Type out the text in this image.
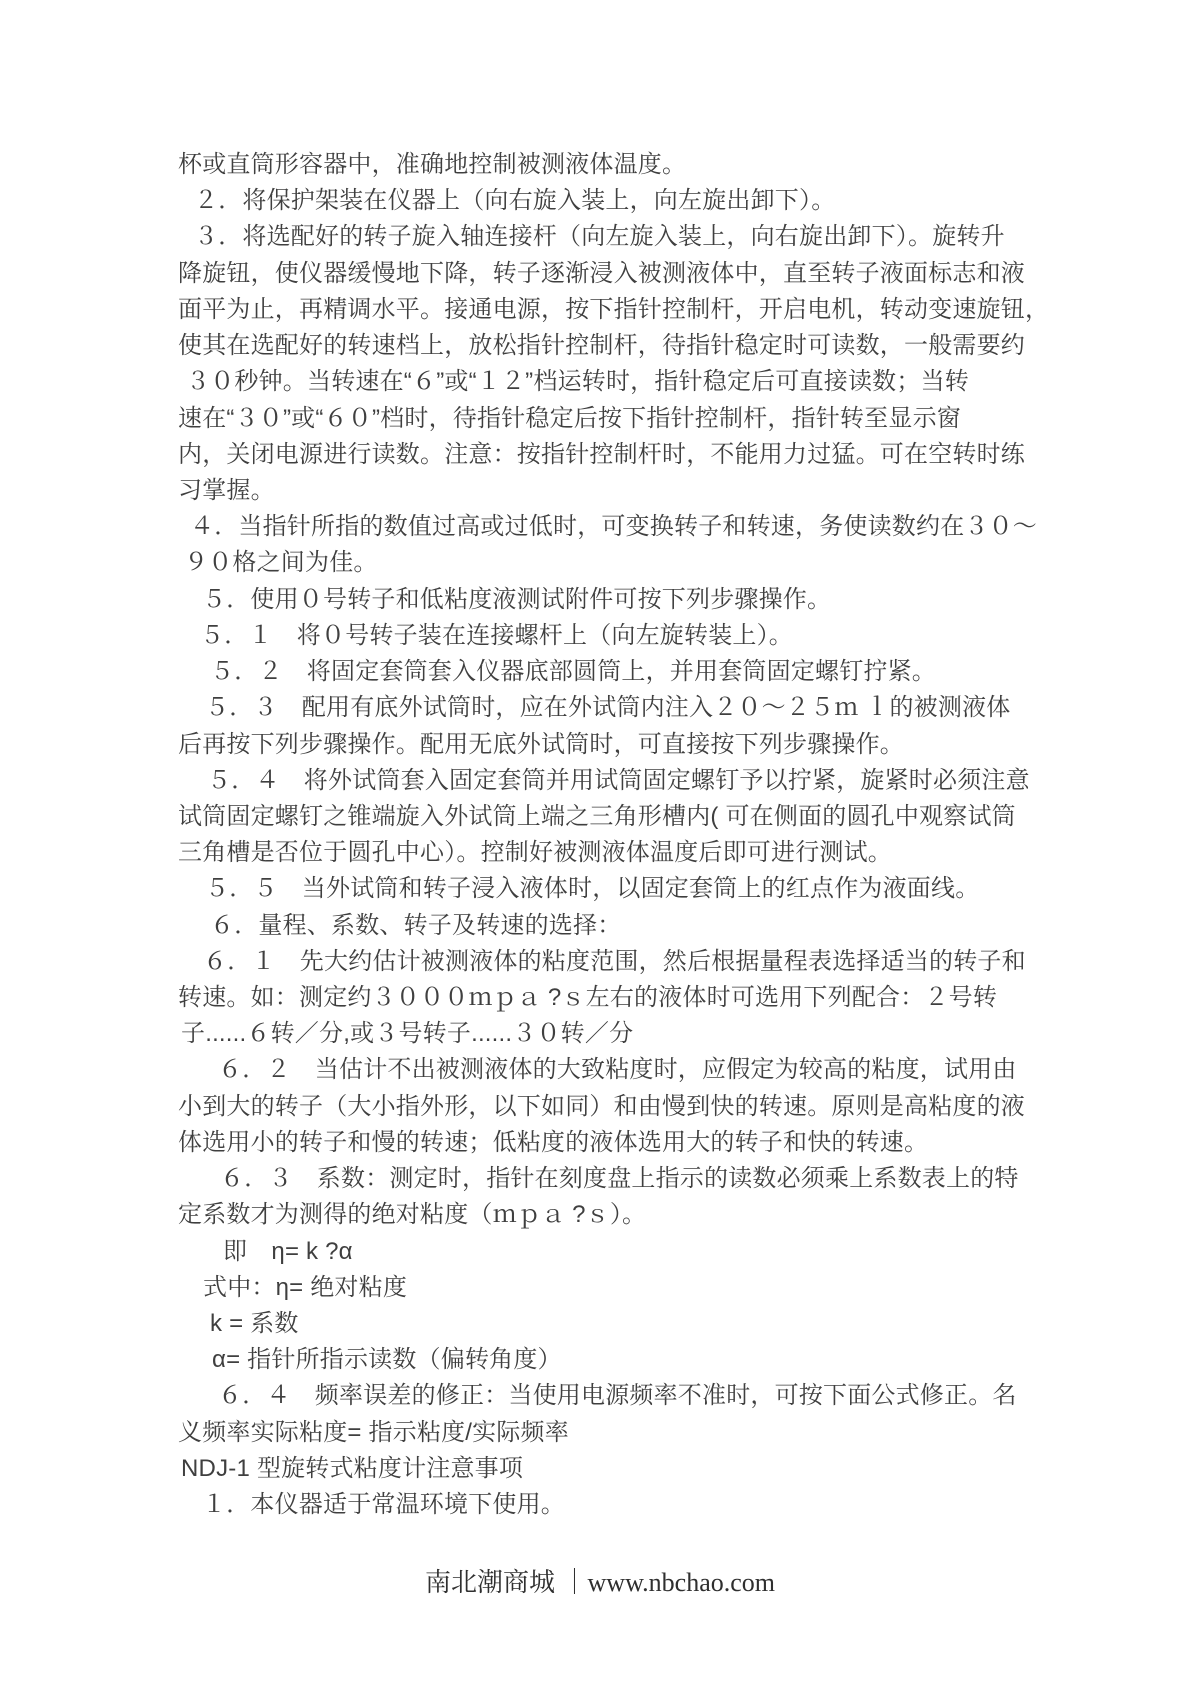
杯或直筒形容器中，准确地控制被测液体温度。
２．将保护架装在仪器上（向右旋入装上，向左旋出卸下）。
３．将选配好的转子旋入轴连接杆（向左旋入装上，向右旋出卸下）。旋转升
降旋钮，使仪器缓慢地下降，转子逐渐浸入被测液体中，直至转子液面标志和液
面平为止，再精调水平。接通电源，按下指针控制杆，开启电机，转动变速旋钮，
使其在选配好的转速档上，放松指针控制杆，待指针稳定时可读数，一般需要约
３０秒钟。当转速在“６”或“１２”档运转时，指针稳定后可直接读数；当转
速在“３０”或“６０”档时，待指针稳定后按下指针控制杆，指针转至显示窗
内，关闭电源进行读数。注意：按指针控制杆时，不能用力过猛。可在空转时练
习掌握。
４．当指针所指的数值过高或过低时，可变换转子和转速，务使读数约在３０～
９０格之间为佳。
５．使用０号转子和低粘度液测试附件可按下列步骤操作。
５．１　将０号转子装在连接螺杆上（向左旋转装上）。
５．２　将固定套筒套入仪器底部圆筒上，并用套筒固定螺钉拧紧。
５．３　配用有底外试筒时，应在外试筒内注入２０～２５ｍ ｌ的被测液体
后再按下列步骤操作。配用无底外试筒时，可直接按下列步骤操作。
５．４　将外试筒套入固定套筒并用试筒固定螺钉予以拧紧，旋紧时必须注意
试筒固定螺钉之锥端旋入外试筒上端之三角形槽内( 可在侧面的圆孔中观察试筒
三角槽是否位于圆孔中心）。控制好被测液体温度后即可进行测试。
５．５　当外试筒和转子浸入液体时，以固定套筒上的红点作为液面线。
６．量程、系数、转子及转速的选择：
６．１　先大约估计被测液体的粘度范围，然后根据量程表选择适当的转子和
转速。如：测定约３０００ｍｐａ ?ｓ左右的液体时可选用下列配合：２号转
子......６转／分,或３号转子......３０转／分
６．２　当估计不出被测液体的大致粘度时，应假定为较高的粘度，试用由
小到大的转子（大小指外形，以下如同）和由慢到快的转速。原则是高粘度的液
体选用小的转子和慢的转速；低粘度的液体选用大的转子和快的转速。
６．３　系数：测定时，指针在刻度盘上指示的读数必须乘上系数表上的特
定系数才为测得的绝对粘度（ｍｐａ ?ｓ）。
即　η= k ?α
式中：η= 绝对粘度
k = 系数
α= 指针所指示读数（偏转角度）
６．４　频率误差的修正：当使用电源频率不准时，可按下面公式修正。名
义频率实际粘度= 指示粘度/实际频率
NDJ-1 型旋转式粘度计注意事项
１．本仪器适于常温环境下使用。
南北潮商城 ｜www.nbchao.com
